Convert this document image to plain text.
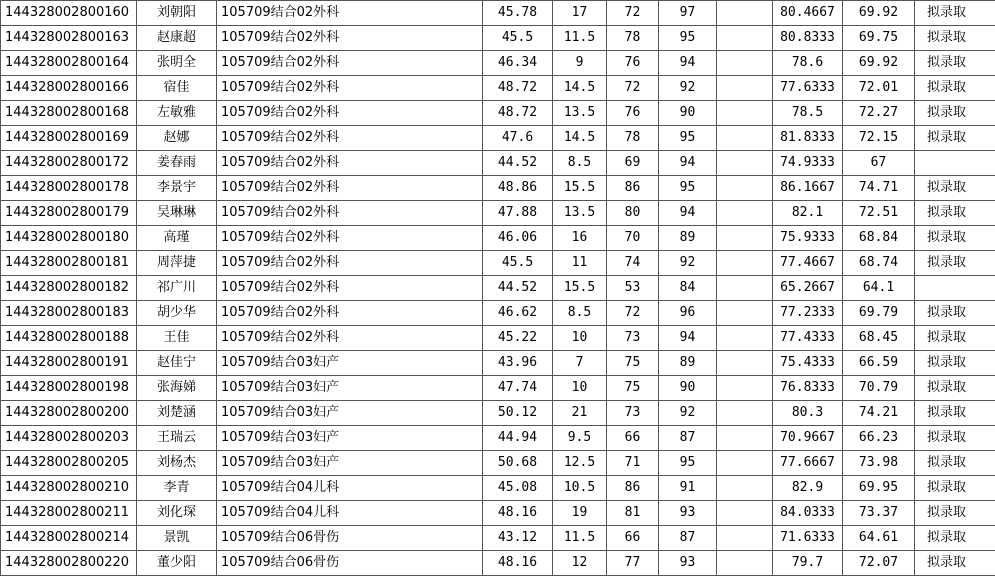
144328002800160	刘朝阳	105709结合02外科	45.78	17	72	97		80.4667	69.92	拟录取
144328002800163	赵康超	105709结合02外科	45.5	11.5	78	95		80.8333	69.75	拟录取
144328002800164	张明全	105709结合02外科	46.34	9	76	94		78.6	69.92	拟录取
144328002800166	宿佳	105709结合02外科	48.72	14.5	72	92		77.6333	72.01	拟录取
144328002800168	左敏雅	105709结合02外科	48.72	13.5	76	90		78.5	72.27	拟录取
144328002800169	赵娜	105709结合02外科	47.6	14.5	78	95		81.8333	72.15	拟录取
144328002800172	姜春雨	105709结合02外科	44.52	8.5	69	94		74.9333	67	
144328002800178	李景宇	105709结合02外科	48.86	15.5	86	95		86.1667	74.71	拟录取
144328002800179	吴琳琳	105709结合02外科	47.88	13.5	80	94		82.1	72.51	拟录取
144328002800180	高瑾	105709结合02外科	46.06	16	70	89		75.9333	68.84	拟录取
144328002800181	周萍捷	105709结合02外科	45.5	11	74	92		77.4667	68.74	拟录取
144328002800182	祁广川	105709结合02外科	44.52	15.5	53	84		65.2667	64.1	
144328002800183	胡少华	105709结合02外科	46.62	8.5	72	96		77.2333	69.79	拟录取
144328002800188	王佳	105709结合02外科	45.22	10	73	94		77.4333	68.45	拟录取
144328002800191	赵佳宁	105709结合03妇产	43.96	7	75	89		75.4333	66.59	拟录取
144328002800198	张海娣	105709结合03妇产	47.74	10	75	90		76.8333	70.79	拟录取
144328002800200	刘楚涵	105709结合03妇产	50.12	21	73	92		80.3	74.21	拟录取
144328002800203	王瑞云	105709结合03妇产	44.94	9.5	66	87		70.9667	66.23	拟录取
144328002800205	刘杨杰	105709结合03妇产	50.68	12.5	71	95		77.6667	73.98	拟录取
144328002800210	李青	105709结合04儿科	45.08	10.5	86	91		82.9	69.95	拟录取
144328002800211	刘化琛	105709结合04儿科	48.16	19	81	93		84.0333	73.37	拟录取
144328002800214	景凯	105709结合06骨伤	43.12	11.5	66	87		71.6333	64.61	拟录取
144328002800220	董少阳	105709结合06骨伤	48.16	12	77	93		79.7	72.07	拟录取
